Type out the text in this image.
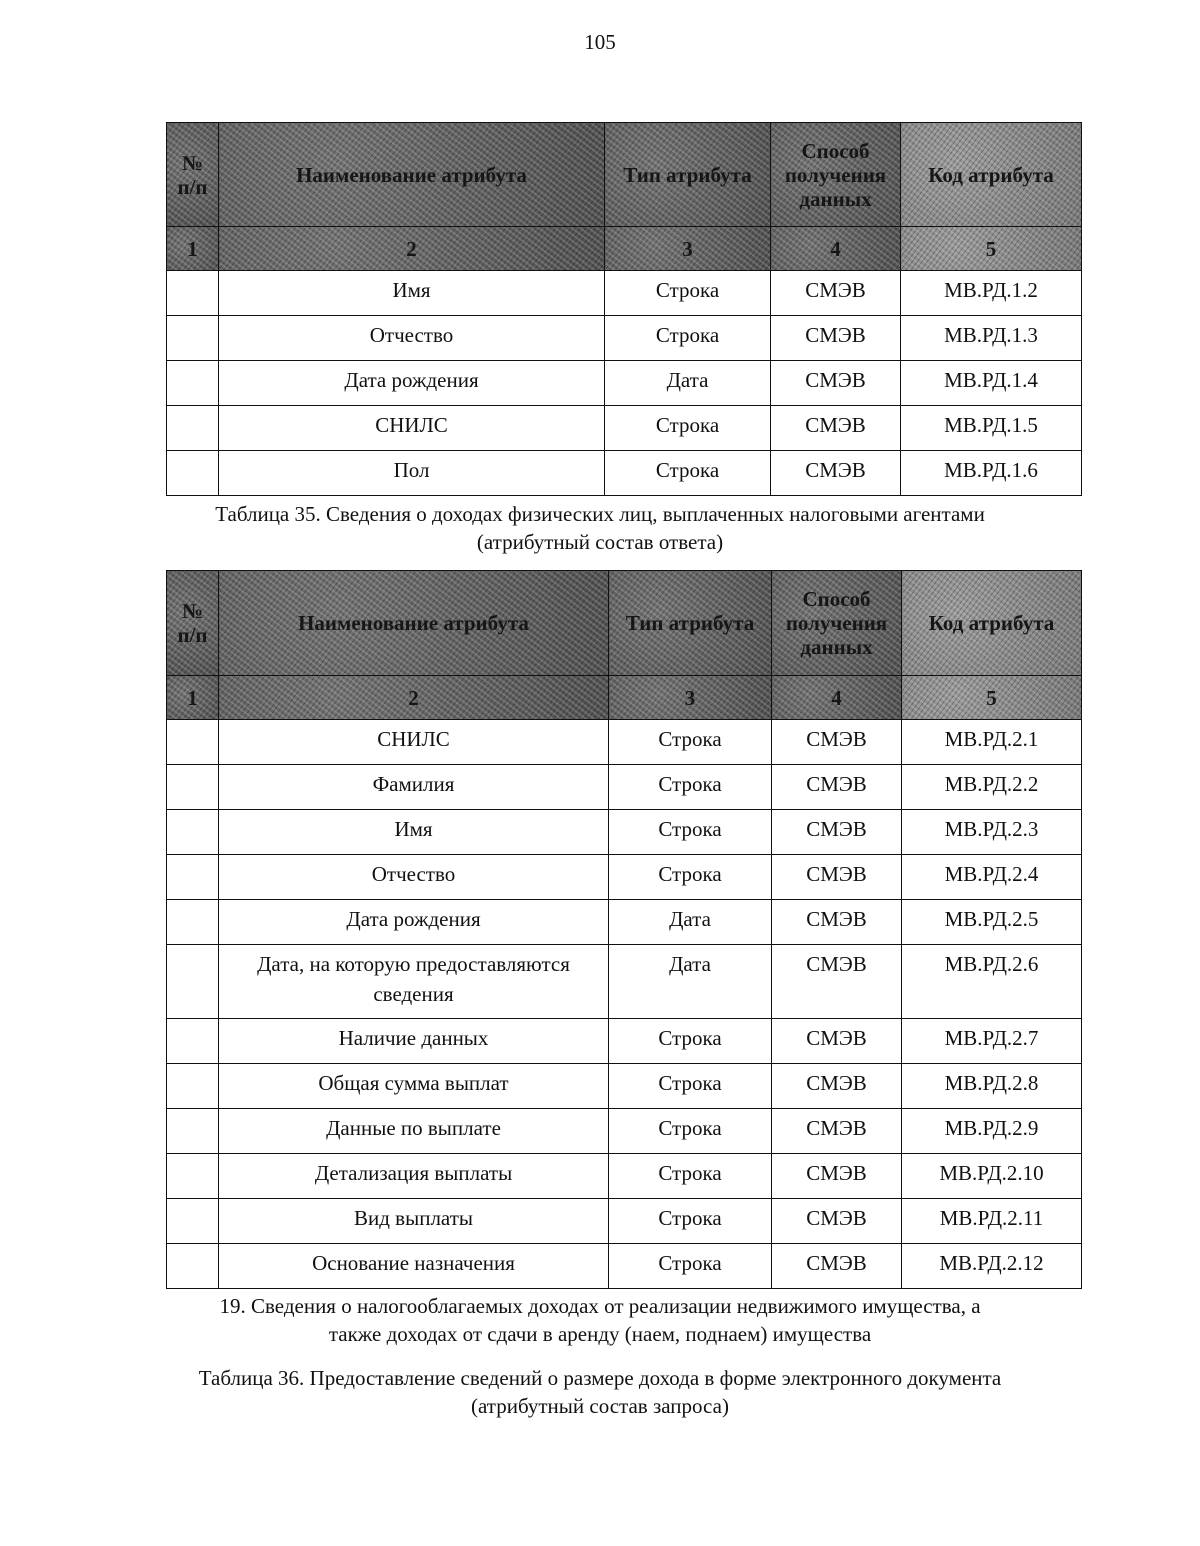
105
№ п/п	Наименование атрибута	Тип атрибута	Способ получения данных	Код атрибута
1	2	3	4	5
	Имя	Строка	СМЭВ	МВ.РД.1.2
	Отчество	Строка	СМЭВ	МВ.РД.1.3
	Дата рождения	Дата	СМЭВ	МВ.РД.1.4
	СНИЛС	Строка	СМЭВ	МВ.РД.1.5
	Пол	Строка	СМЭВ	МВ.РД.1.6
Таблица 35. Сведения о доходах физических лиц, выплаченных налоговыми агентами
(атрибутный состав ответа)
№ п/п	Наименование атрибута	Тип атрибута	Способ получения данных	Код атрибута
1	2	3	4	5
	СНИЛС	Строка	СМЭВ	МВ.РД.2.1
	Фамилия	Строка	СМЭВ	МВ.РД.2.2
	Имя	Строка	СМЭВ	МВ.РД.2.3
	Отчество	Строка	СМЭВ	МВ.РД.2.4
	Дата рождения	Дата	СМЭВ	МВ.РД.2.5
	Дата, на которую предоставляются сведения	Дата	СМЭВ	МВ.РД.2.6
	Наличие данных	Строка	СМЭВ	МВ.РД.2.7
	Общая сумма выплат	Строка	СМЭВ	МВ.РД.2.8
	Данные по выплате	Строка	СМЭВ	МВ.РД.2.9
	Детализация выплаты	Строка	СМЭВ	МВ.РД.2.10
	Вид выплаты	Строка	СМЭВ	МВ.РД.2.11
	Основание назначения	Строка	СМЭВ	МВ.РД.2.12
19. Сведения о налогооблагаемых доходах от реализации недвижимого имущества, а
также доходах от сдачи в аренду (наем, поднаем) имущества
Таблица 36. Предоставление сведений о размере дохода в форме электронного документа
(атрибутный состав запроса)
